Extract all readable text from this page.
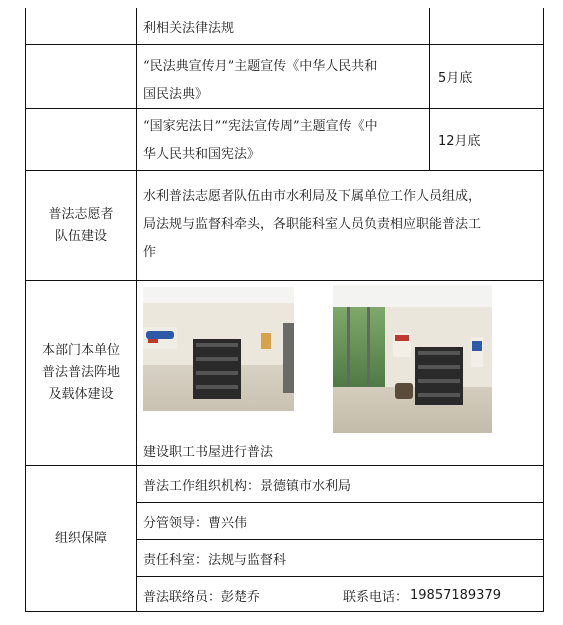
利相关法律法规
“民法典宣传月”主题宣传《中华人民共和
国民法典》
5月底
“国家宪法日”“宪法宣传周”主题宣传《中
华人民共和国宪法》
12月底
普法志愿者
队伍建设
水利普法志愿者队伍由市水利局及下属单位工作人员组成，
局法规与监督科牵头，各职能科室人员负责相应职能普法工
作
本部门本单位
普法普法阵地
及载体建设
建设职工书屋进行普法
组织保障
普法工作组织机构：景德镇市水利局
分管领导：曹兴伟
责任科室：法规与监督科
普法联络员：彭楚乔	联系电话： 19857189379
